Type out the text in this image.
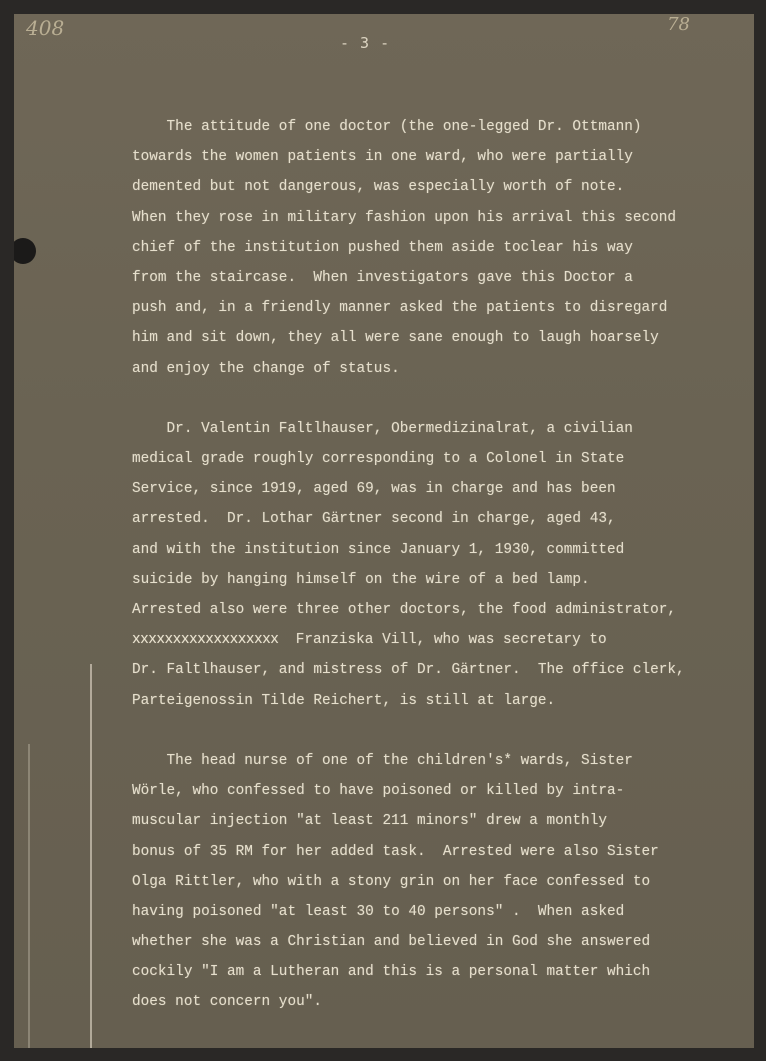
408	78
- 3 -
The attitude of one doctor (the one-legged Dr. Ottmann)
towards the women patients in one ward, who were partially
demented but not dangerous, was especially worth of note.
When they rose in military fashion upon his arrival this second
chief of the institution pushed them aside toclear his way
from the staircase.  When investigators gave this Doctor a
push and, in a friendly manner asked the patients to disregard
him and sit down, they all were sane enough to laugh hoarsely
and enjoy the change of status.
Dr. Valentin Faltlhauser, Obermedizinalrat, a civilian
medical grade roughly corresponding to a Colonel in State
Service, since 1919, aged 69, was in charge and has been
arrested.  Dr. Lothar Gärtner second in charge, aged 43,
and with the institution since January 1, 1930, committed
suicide by hanging himself on the wire of a bed lamp.
Arrested also were three other doctors, the food administrator,
xxxxxxxxxxxxxxxxxx  Franziska Vill, who was secretary to
Dr. Faltlhauser, and mistress of Dr. Gärtner.  The office clerk,
Parteigenossin Tilde Reichert, is still at large.
The head nurse of one of the children's* wards, Sister
Wörle, who confessed to have poisoned or killed by intra-
muscular injection "at least 211 minors" drew a monthly
bonus of 35 RM for her added task.  Arrested were also Sister
Olga Rittler, who with a stony grin on her face confessed to
having poisoned "at least 30 to 40 persons" .  When asked
whether she was a Christian and believed in God she answered
cockily "I am a Lutheran and this is a personal matter which
does not concern you".
